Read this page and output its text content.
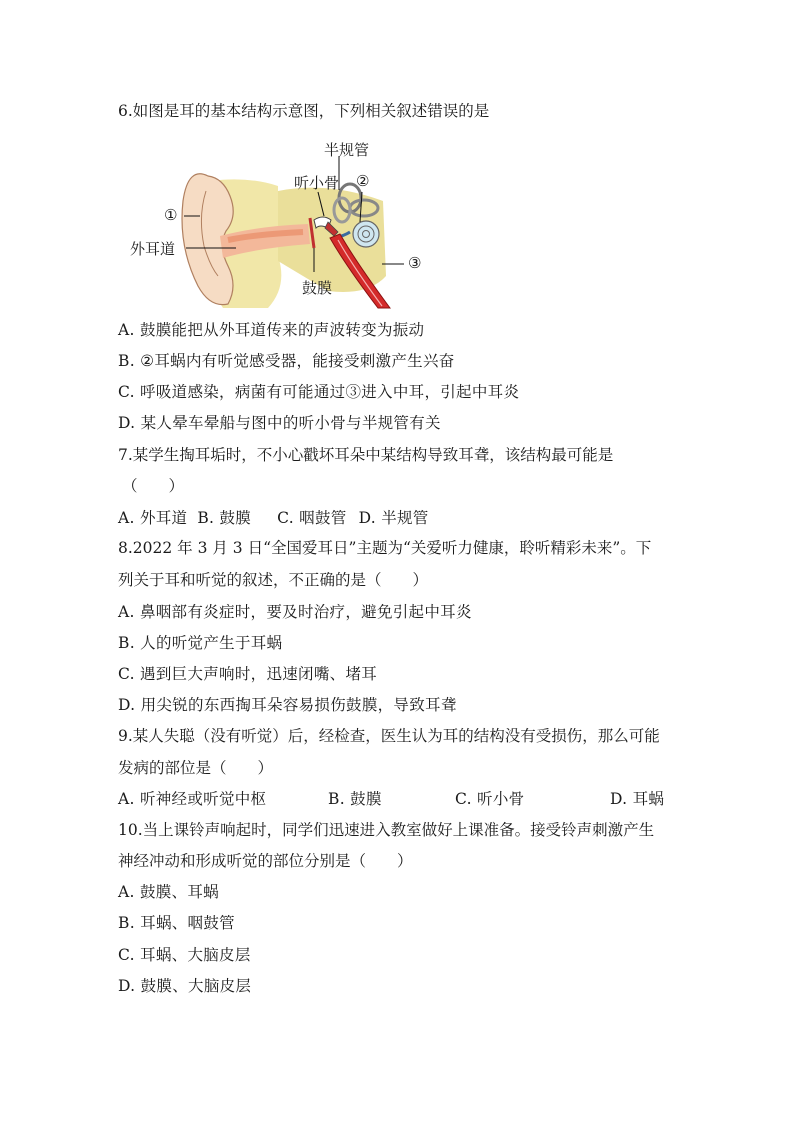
6.如图是耳的基本结构示意图，下列相关叙述错误的是
半规管
听小骨 ②
①
外耳道
③
鼓膜
A. 鼓膜能把从外耳道传来的声波转变为振动
B. ②耳蜗内有听觉感受器，能接受刺激产生兴奋
C. 呼吸道感染，病菌有可能通过③进入中耳，引起中耳炎
D. 某人晕车晕船与图中的听小骨与半规管有关
7.某学生掏耳垢时，不小心戳坏耳朵中某结构导致耳聋，该结构最可能是
（　　）
A. 外耳道 B. 鼓膜 C. 咽鼓管 D. 半规管
8.2022 年 3 月 3 日“全国爱耳日”主题为“关爱听力健康，聆听精彩未来”。下
列关于耳和听觉的叙述，不正确的是（　　）
A. 鼻咽部有炎症时，要及时治疗，避免引起中耳炎
B. 人的听觉产生于耳蜗
C. 遇到巨大声响时，迅速闭嘴、堵耳
D. 用尖锐的东西掏耳朵容易损伤鼓膜，导致耳聋
9.某人失聪（没有听觉）后，经检查，医生认为耳的结构没有受损伤，那么可能
发病的部位是（　　）
A. 听神经或听觉中枢	B. 鼓膜	C. 听小骨	D. 耳蜗
10.当上课铃声响起时，同学们迅速进入教室做好上课准备。接受铃声刺激产生
神经冲动和形成听觉的部位分别是（　　）
A. 鼓膜、耳蜗
B. 耳蜗、咽鼓管
C. 耳蜗、大脑皮层
D. 鼓膜、大脑皮层
